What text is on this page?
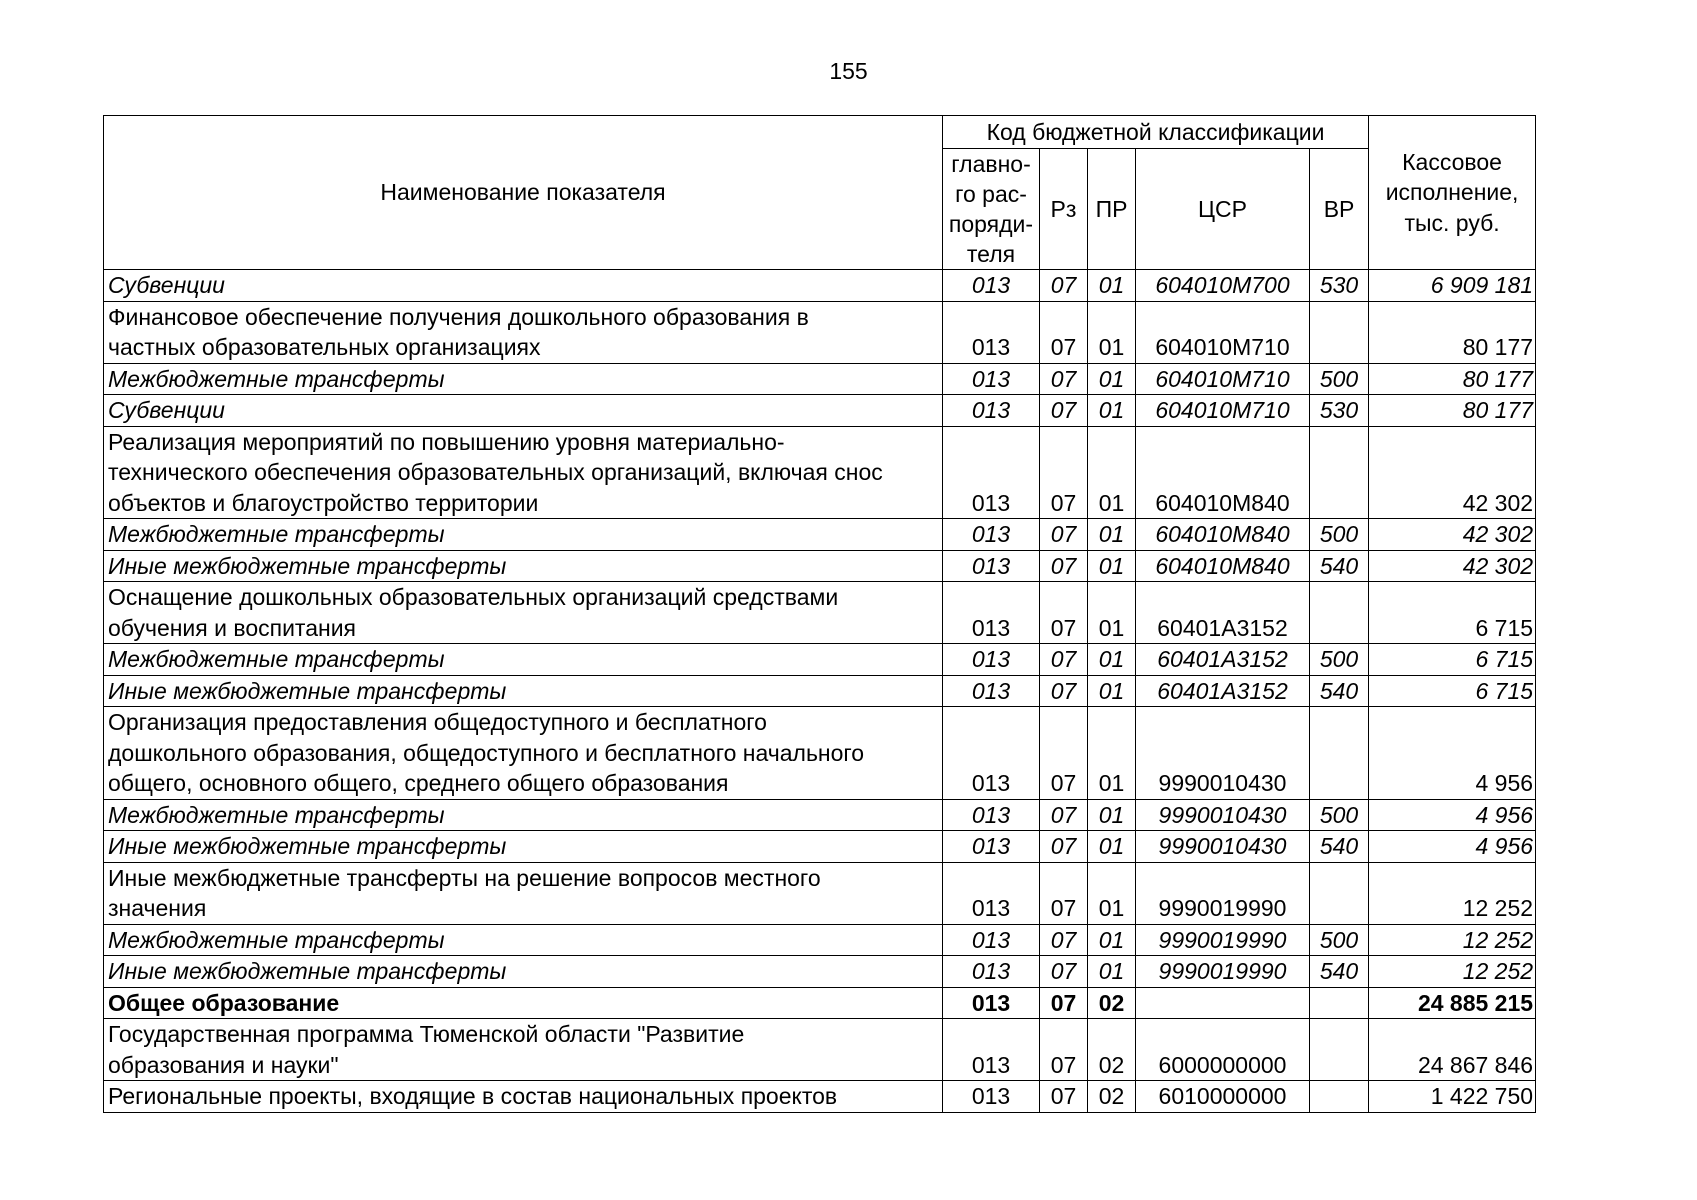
155
Наименование показателя	Код бюджетной классификации					Кассовое
исполнение,
тыс. руб.

	главно-
го рас-
поряди-
теля	Рз	ПР	ЦСР	ВР	

Субвенции	013	07	01	604010М700	530	6 909 181

Финансовое обеспечение получения дошкольного образования в
частных образовательных организациях	013	07	01	604010М710		80 177

Межбюджетные трансферты	013	07	01	604010М710	500	80 177

Субвенции	013	07	01	604010М710	530	80 177

Реализация мероприятий по повышению уровня материально-
технического обеспечения образовательных организаций, включая снос
объектов и благоустройство территории	013	07	01	604010М840		42 302

Межбюджетные трансферты	013	07	01	604010М840	500	42 302

Иные межбюджетные трансферты	013	07	01	604010М840	540	42 302

Оснащение дошкольных образовательных организаций средствами
обучения и воспитания	013	07	01	60401А3152		6 715

Межбюджетные трансферты	013	07	01	60401А3152	500	6 715

Иные межбюджетные трансферты	013	07	01	60401А3152	540	6 715

Организация предоставления общедоступного и бесплатного
дошкольного образования, общедоступного и бесплатного начального
общего, основного общего, среднего общего образования	013	07	01	9990010430		4 956

Межбюджетные трансферты	013	07	01	9990010430	500	4 956

Иные межбюджетные трансферты	013	07	01	9990010430	540	4 956

Иные межбюджетные трансферты на решение вопросов местного
значения	013	07	01	9990019990		12 252

Межбюджетные трансферты	013	07	01	9990019990	500	12 252

Иные межбюджетные трансферты	013	07	01	9990019990	540	12 252

Общее образование	013	07	02			24 885 215

Государственная программа Тюменской области "Развитие
образования и науки"	013	07	02	6000000000		24 867 846

Региональные проекты, входящие в состав национальных проектов	013	07	02	6010000000		1 422 750
